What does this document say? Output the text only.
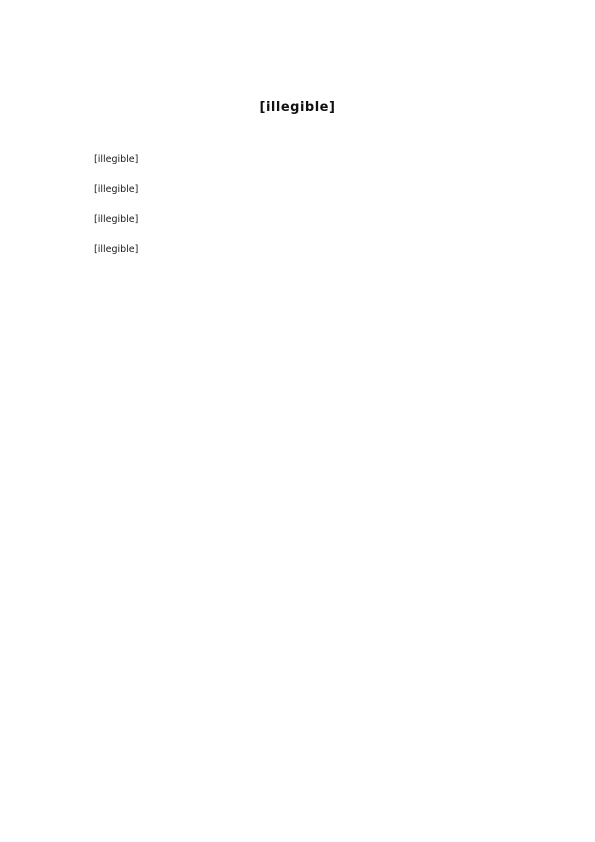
[illegible]

[illegible]

[illegible]

[illegible]

[illegible]
